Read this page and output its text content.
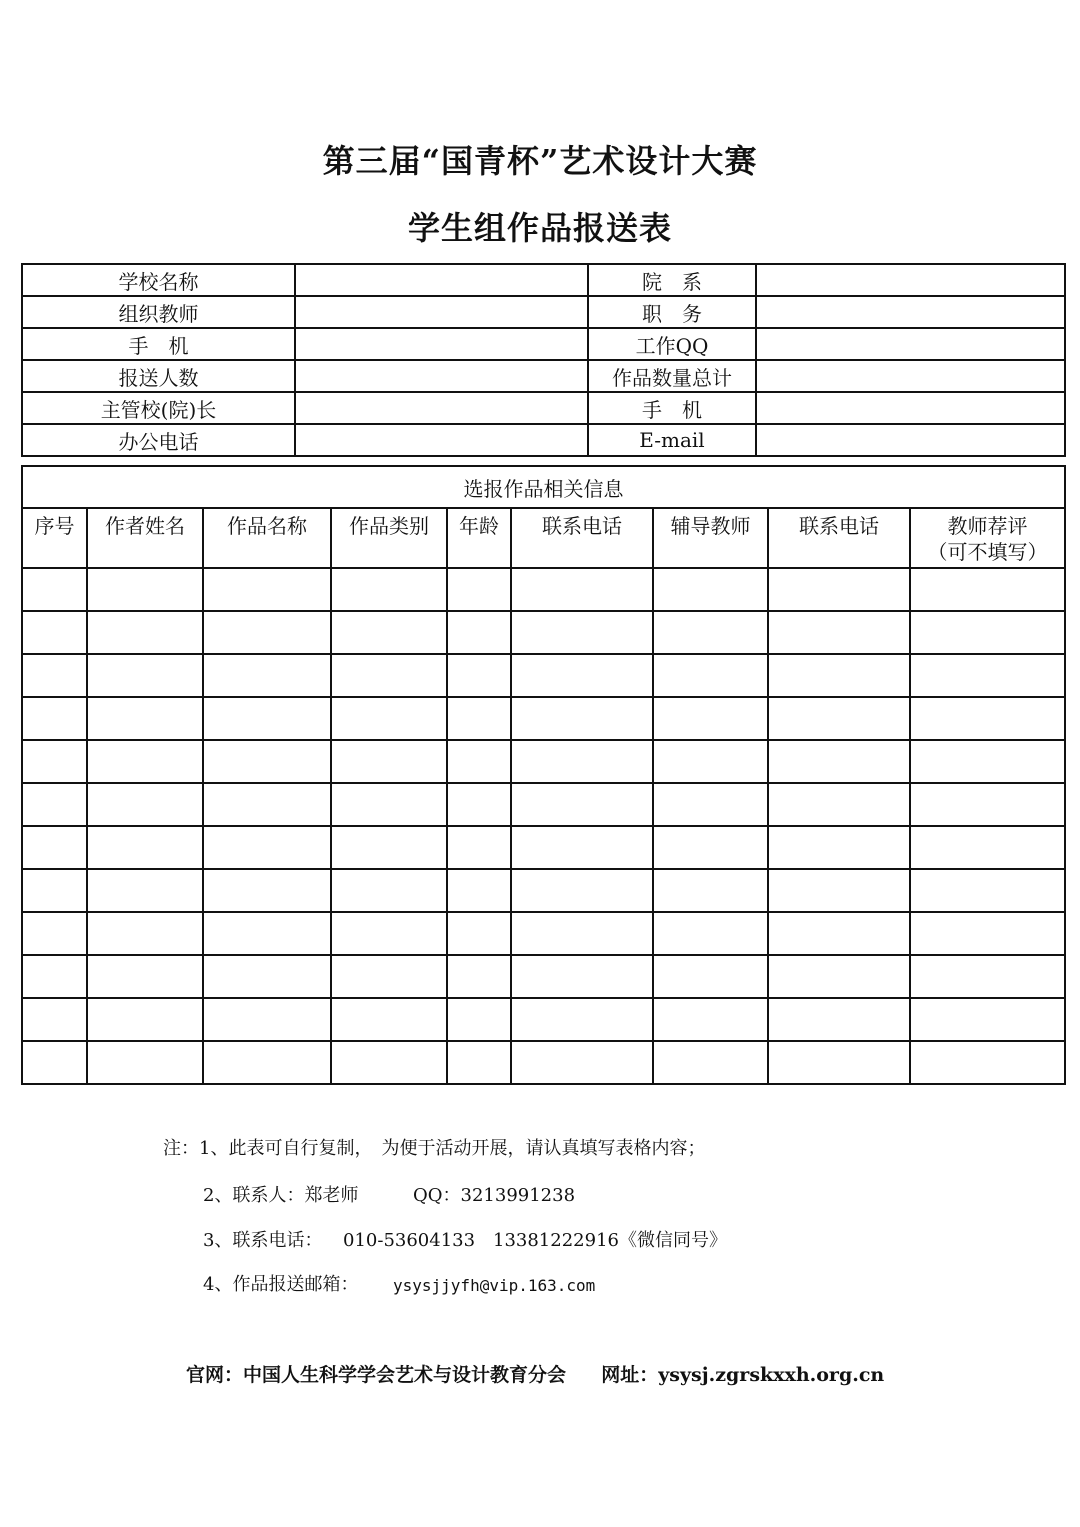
第三届“国青杯”艺术设计大赛
学生组作品报送表
学校名称		院　系	
组织教师		职　务	
手　机		工作QQ	
报送人数		作品数量总计	
主管校(院)长		手　机	
办公电话		E-mail	
选报作品相关信息								
序号	作者姓名	作品名称	作品类别	年龄	联系电话	辅导教师	联系电话	教师荐评
（可不填写）

注：1、此表可自行复制，　为便于活动开展，请认真填写表格内容；
2、联系人：郑老师	QQ：3213991238
3、联系电话： 010-53604133 13381222916《微信同号》
4、作品报送邮箱： ysysjjyfh@vip.163.com
官网：中国人生科学学会艺术与设计教育分会 网址：ysysj.zgrskxxh.org.cn
